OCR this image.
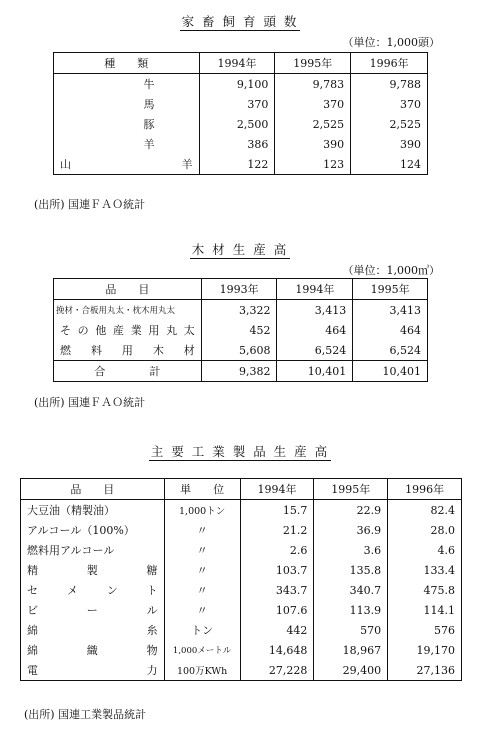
家 畜 飼 育 頭 数
（単位：1,000頭）
種　　類	1994年	1995年	1996年
牛	9,100	9,783	9,788
馬	370	370	370
豚	2,500	2,525	2,525
羊	386	390	390
山　　　　羊	122	123	124
(出所) 国連ＦＡＯ統計
木 材 生 産 高
（単位：1,000㎥）
品　　目	1993年	1994年	1995年
挽材・合板用丸太・枕木用丸太	3,322	3,413	3,413
その他産業用丸太	452	464	464
燃　料　用　木　材	5,608	6,524	6,524
合　　　　計	9,382	10,401	10,401
(出所) 国連ＦＡＯ統計
主 要 工 業 製 品 生 産 高
品　　目	単　　位	1994年	1995年	1996年
大豆油（精製油）	1,000トン	15.7	22.9	82.4
アルコール（100%）	〃	21.2	36.9	28.0
燃料用アルコール	〃	2.6	3.6	4.6
精　　　製　　　糖	〃	103.7	135.8	133.4
セ　メ　ン　ト	〃	343.7	340.7	475.8
ビ　ー　ル	〃	107.6	113.9	114.1
綿　　　　　　　糸	トン	442	570	576
綿　　　織　　　物	1,000メートル	14,648	18,967	19,170
電　　　　　　　力	100万KWh	27,228	29,400	27,136
(出所) 国連工業製品統計
